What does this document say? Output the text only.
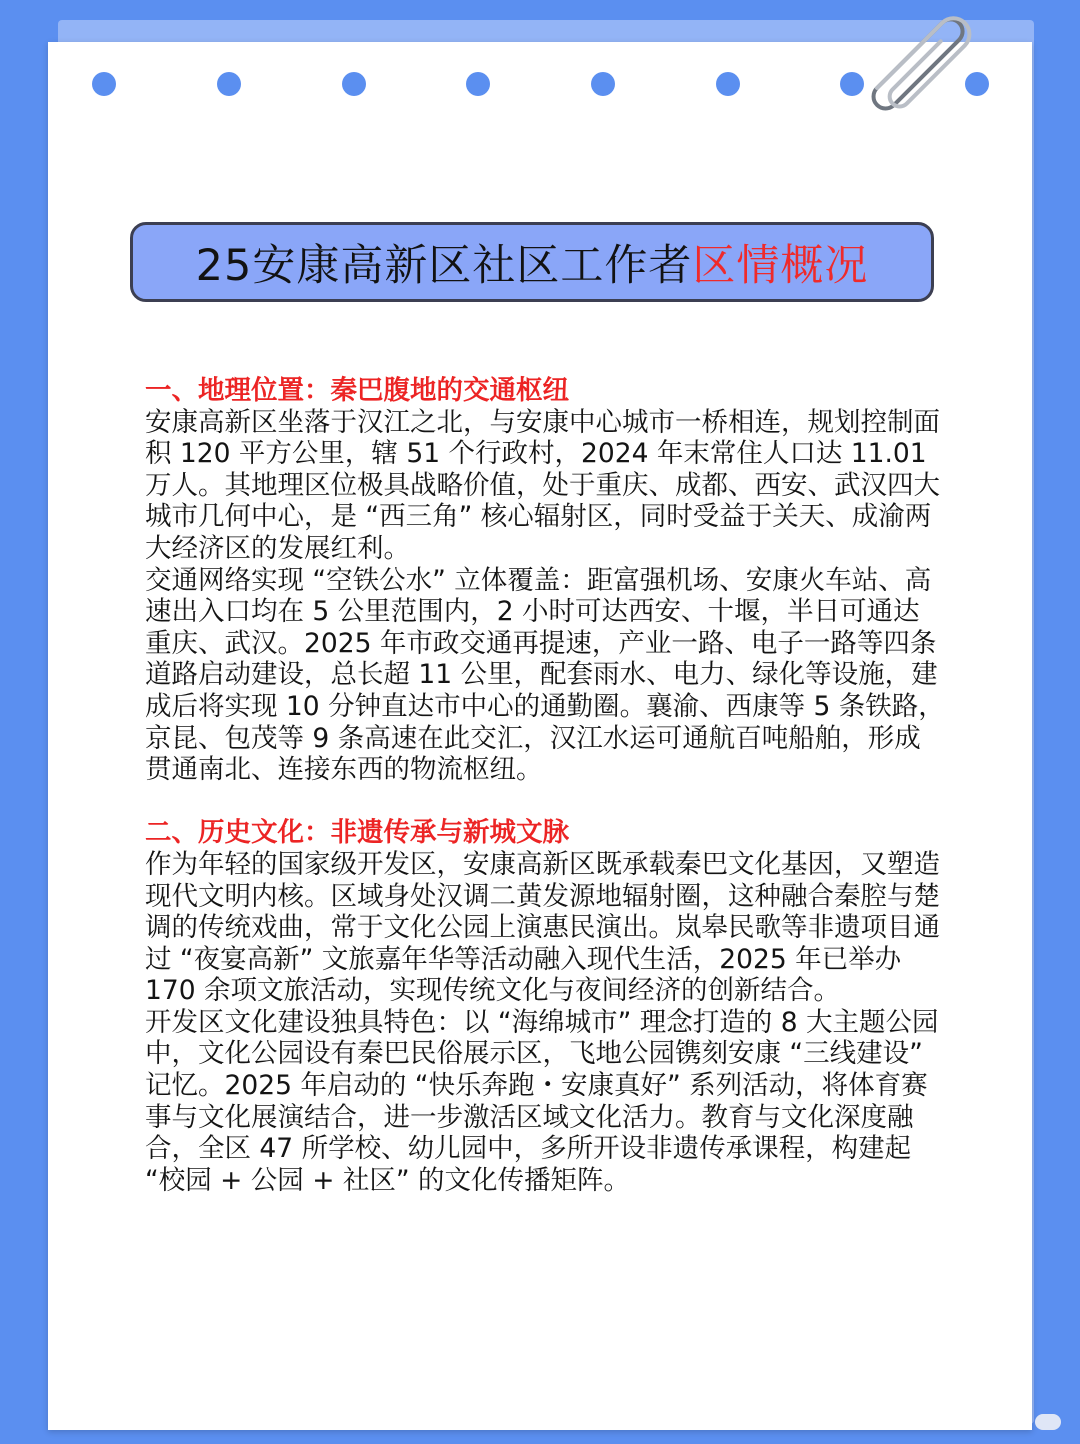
25安康高新区社区工作者 区情概况

一、地理位置：秦巴腹地的交通枢纽

安康高新区坐落于汉江之北，与安康中心城市一桥相连，规划控制面积 120 平方公里，辖 51 个行政村，2024 年末常住人口达 11.01 万人。其地理区位极具战略价值，处于重庆、成都、西安、武汉四大城市几何中心，是 “西三角” 核心辐射区，同时受益于关天、成渝两大经济区的发展红利。

交通网络实现 “空铁公水” 立体覆盖：距富强机场、安康火车站、高速出入口均在 5 公里范围内，2 小时可达西安、十堰，半日可通达重庆、武汉。2025 年市政交通再提速，产业一路、电子一路等四条道路启动建设，总长超 11 公里，配套雨水、电力、绿化等设施，建成后将实现 10 分钟直达市中心的通勤圈。襄渝、西康等 5 条铁路，京昆、包茂等 9 条高速在此交汇，汉江水运可通航百吨船舶，形成贯通南北、连接东西的物流枢纽。

二、历史文化：非遗传承与新城文脉

作为年轻的国家级开发区，安康高新区既承载秦巴文化基因，又塑造现代文明内核。区域身处汉调二黄发源地辐射圈，这种融合秦腔与楚调的传统戏曲，常于文化公园上演惠民演出。岚皋民歌等非遗项目通过 “夜宴高新” 文旅嘉年华等活动融入现代生活，2025 年已举办 170 余项文旅活动，实现传统文化与夜间经济的创新结合。

开发区文化建设独具特色：以 “海绵城市” 理念打造的 8 大主题公园中，文化公园设有秦巴民俗展示区，飞地公园镌刻安康 “三线建设” 记忆。2025 年启动的 “快乐奔跑・安康真好” 系列活动，将体育赛事与文化展演结合，进一步激活区域文化活力。教育与文化深度融合，全区 47 所学校、幼儿园中，多所开设非遗传承课程，构建起 “校园 + 公园 + 社区” 的文化传播矩阵。
